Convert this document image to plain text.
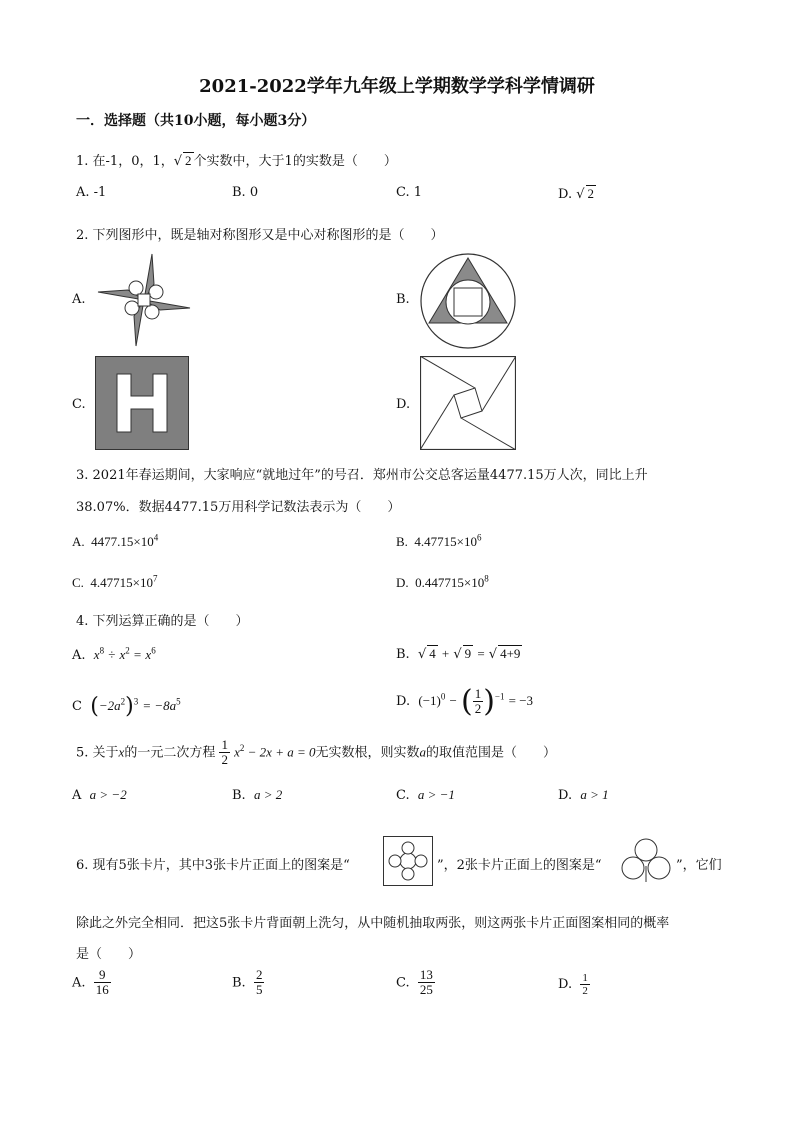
2021-2022学年九年级上学期数学学科学情调研
一．选择题（共10小题，每小题3分）
1. 在-1，0，1，√ 2 个实数中，大于1的实数是（　　）
A. -1	B. 0	C. 1	D. √ 2
2. 下列图形中，既是轴对称图形又是中心对称图形的是（　　）
A.	B.
C.	D.
3. 2021年春运期间，大家响应“就地过年”的号召．郑州市公交总客运量4477.15万人次，同比上升
38.07%．数据4477.15万用科学记数法表示为（　　）
A. $4477.15\times 10^4$	B. $4.47715\times 10^6$
C. $4.47715\times 10^7$	D. $0.447715\times 10^8$
4. 下列运算正确的是（　　）
A. $x^8 \div x^2 = x^6$	B. √ 4 + √ 9 = √ 4+9
C $(-2a^2)^3 = -8a^5$	D. $(-1)^0$ − ( $\frac{1}{2} )^{-1} = -3$
5. 关于x的一元二次方程 $\frac{1}{2} x^2 - 2x + a = 0$无实数根，则实数a的取值范围是（　　）
A a > −2	B. a > 2	C. a > −1	D. a > 1
6. 现有5张卡片，其中3张卡片正面上的图案是“	”，2张卡片正面上的图案是“	”，它们
除此之外完全相同．把这5张卡片背面朝上洗匀，从中随机抽取两张，则这两张卡片正面图案相同的概率
是（　　）
A. $\frac{9}{16}$	B. $\frac{2}{5}$	C. $\frac{13}{25}$	D. $\frac{1}{2}$
